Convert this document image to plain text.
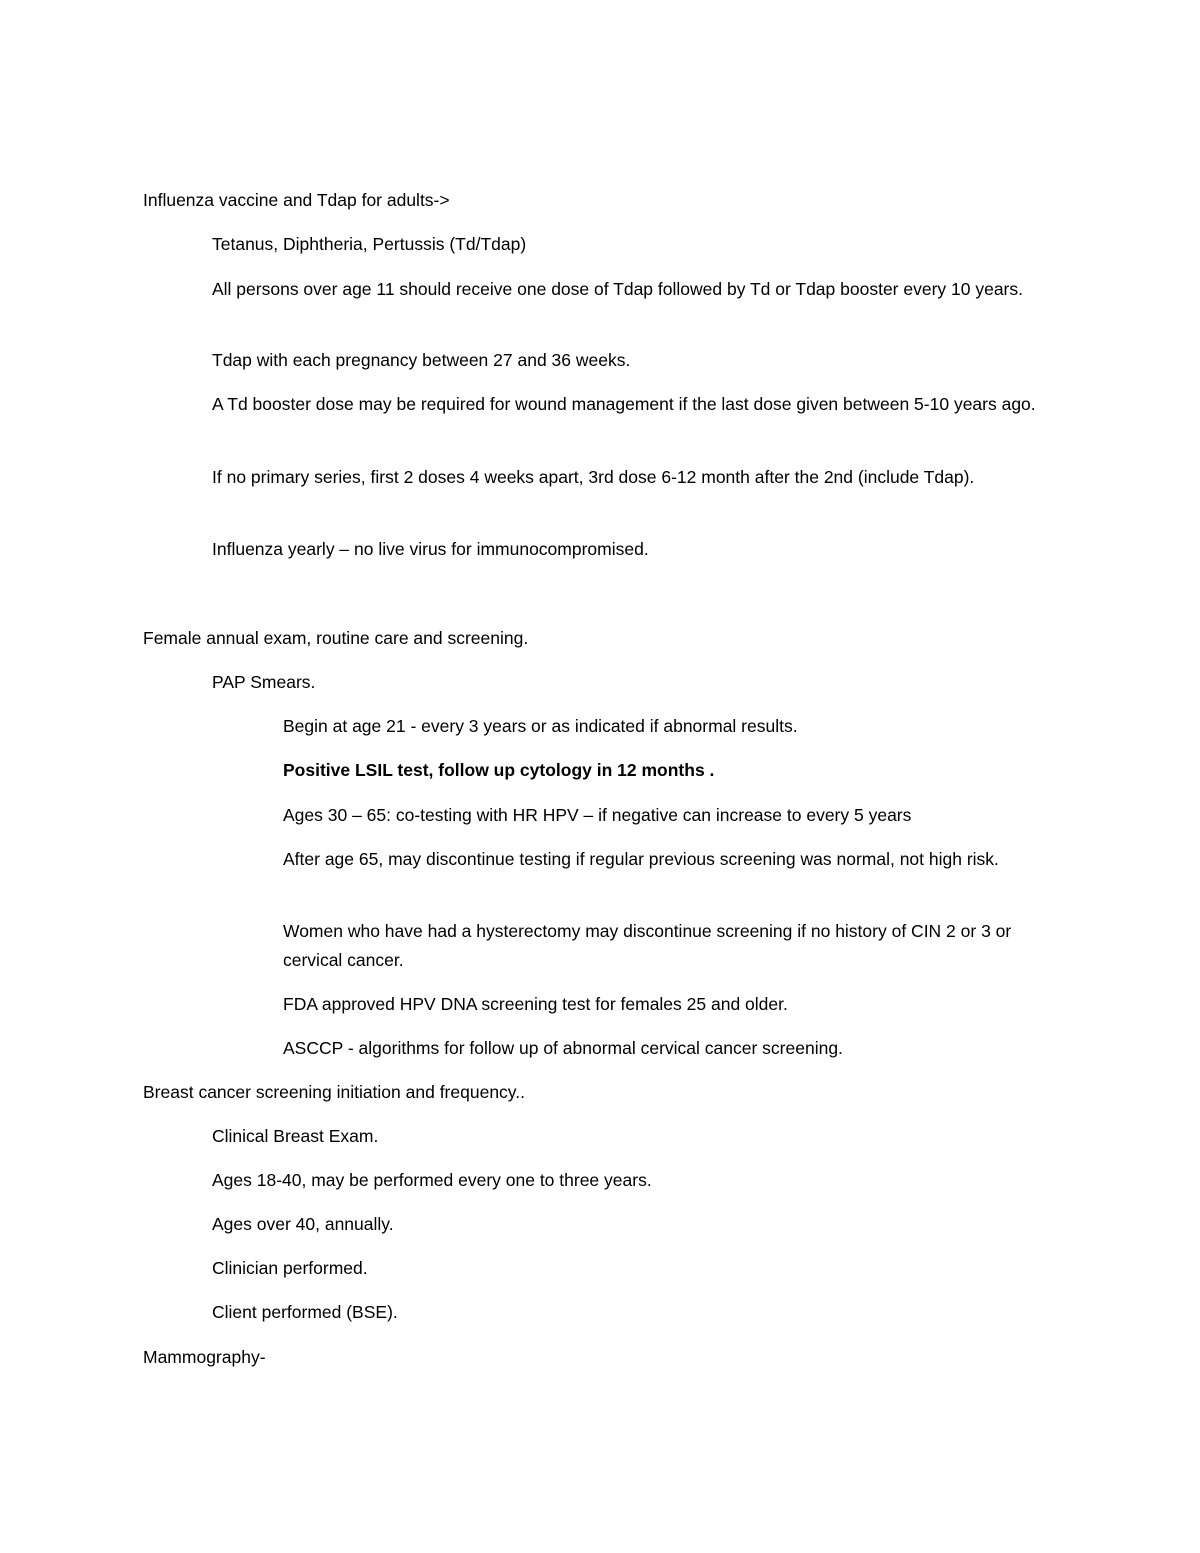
Influenza vaccine and Tdap for adults->
Tetanus, Diphtheria, Pertussis (Td/Tdap)
All persons over age 11 should receive one dose of Tdap followed by Td or Tdap booster every 10 years.
Tdap with each pregnancy between 27 and 36 weeks.
A Td booster dose may be required for wound management if the last dose given between 5-10 years ago.
If no primary series, first 2 doses 4 weeks apart, 3rd dose 6-12 month after the 2nd (include Tdap).
Influenza yearly – no live virus for immunocompromised.
Female annual exam, routine care and screening.
PAP Smears.
Begin at age 21 - every 3 years or as indicated if abnormal results.
Positive LSIL test, follow up cytology in 12 months .
Ages 30 – 65: co-testing with HR HPV – if negative can increase to every 5 years
After age 65, may discontinue testing if regular previous screening was normal, not high risk.
Women who have had a hysterectomy may discontinue screening if no history of CIN 2 or 3 or cervical cancer.
FDA approved HPV DNA screening test for females 25 and older.
ASCCP - algorithms for follow up of abnormal cervical cancer screening.
Breast cancer screening initiation and frequency..
Clinical Breast Exam.
Ages 18-40, may be performed every one to three years.
Ages over 40, annually.
Clinician performed.
Client performed (BSE).
Mammography-
